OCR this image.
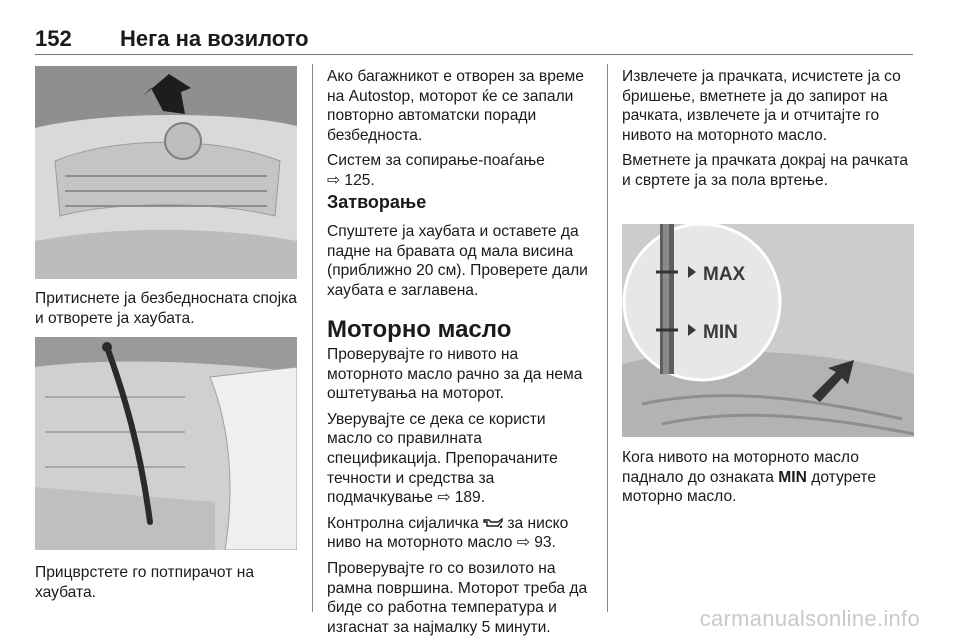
152 Нега на возилото
Притиснете ја безбедносната спојка и отворете ја хаубата.
Прицврстете го потпирачот на хаубата.

Ако багажникот е отворен за време на Autostop, моторот ќе се запали повторно автоматски поради безбедноста.

Систем за сопирање-поаѓање
⇨ 125.

Затворање
Спуштете ја хаубата и оставете да падне на бравата од мала висина (приближно 20 см). Проверете дали хаубата е заглавена.
Моторно масло

Проверувајте го нивото на моторното масло рачно за да нема оштетувања на моторот.

Уверувајте се дека се користи масло со правилната спецификација. Препорачаните течности и средства за подмачкување ⇨ 189.

Контролна сијаличка за ниско ниво на моторното масло ⇨ 93.

Проверувајте го со возилото на рамна површина. Моторот треба да биде со работна температура и изгаснат за најмалку 5 минути.

Извлечете ја прачката, исчистете ја со бришење, вметнете ја до запирот на рачката, извлечете ја и отчитајте го нивото на моторното масло.

Вметнете ја прачката докрај на рачката и свртете ја за пола вртење.

MAX
MIN
Кога нивото на моторното масло паднало до ознаката MIN дотурете моторно масло.
carmanualsonline.info
